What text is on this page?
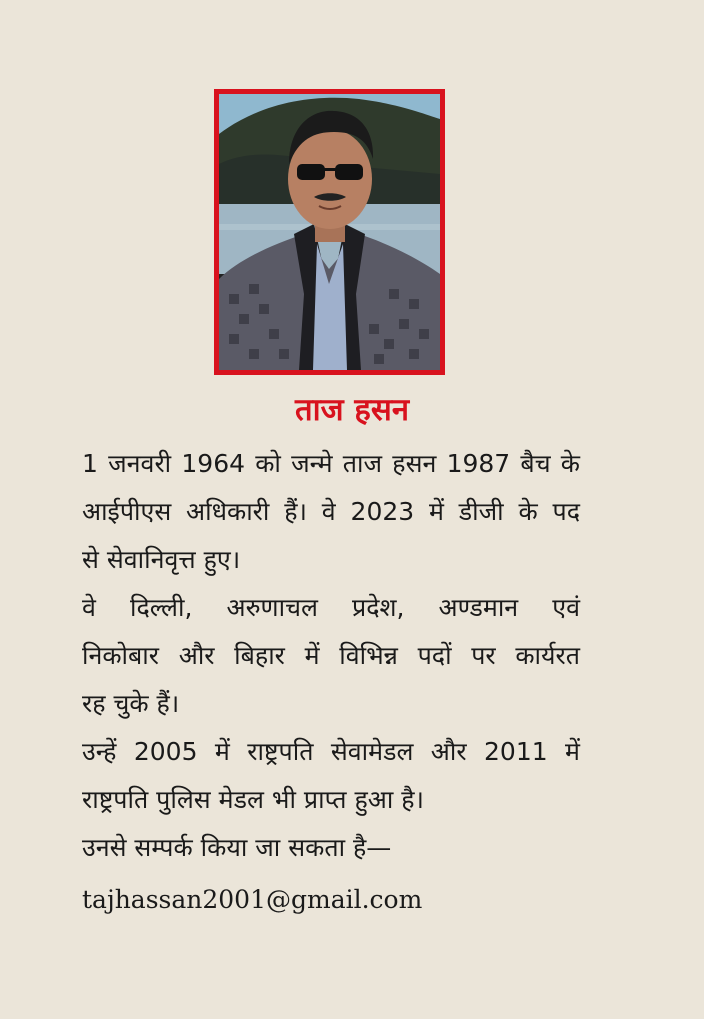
ताज हसन
1 जनवरी 1964 को जन्मे ताज हसन 1987 बैच के
आईपीएस अधिकारी हैं। वे 2023 में डीजी के पद
से सेवानिवृत्त हुए।
वे दिल्ली, अरुणाचल प्रदेश, अण्डमान एवं
निकोबार और बिहार में विभिन्न पदों पर कार्यरत
रह चुके हैं।
उन्हें 2005 में राष्ट्रपति सेवामेडल और 2011 में
राष्ट्रपति पुलिस मेडल भी प्राप्त हुआ है।
उनसे सम्पर्क किया जा सकता है—
tajhassan2001@gmail.com
